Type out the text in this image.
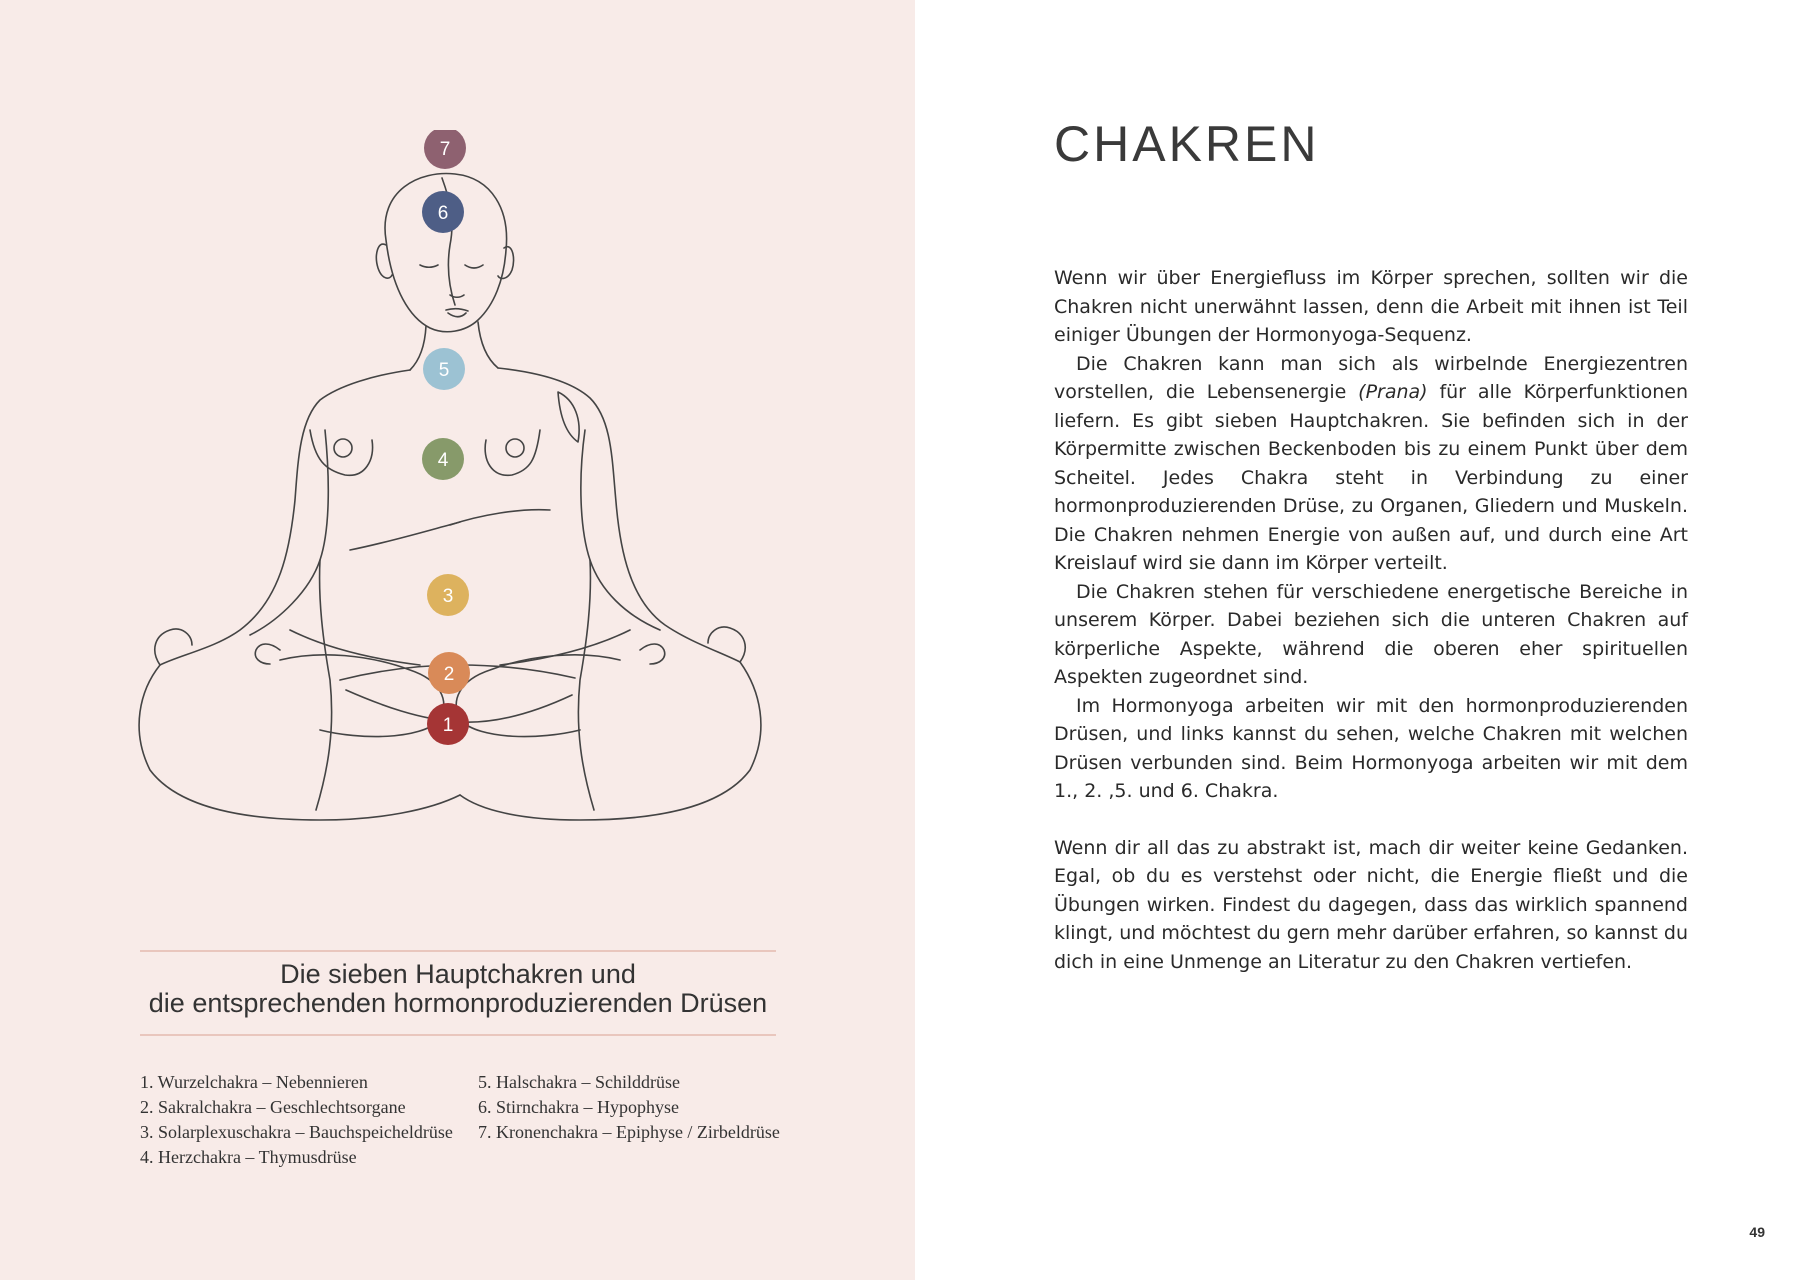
7
6
5
4
3
2
1
Die sieben Hauptchakren und
die entsprechenden hormonproduzierenden Drüsen
1. Wurzelchakra – Nebennieren
2. Sakralchakra – Geschlechtsorgane
3. Solarplexuschakra – Bauchspeicheldrüse
4. Herzchakra – Thymusdrüse
5. Halschakra – Schilddrüse
6. Stirnchakra – Hypophyse
7. Kronenchakra – Epiphyse / Zirbeldrüse
CHAKREN

Wenn wir über Energiefluss im Körper sprechen, sollten wir die Chakren nicht unerwähnt lassen, denn die Arbeit mit ihnen ist Teil einiger Übungen der Hormonyoga-Sequenz.

Die Chakren kann man sich als wirbelnde Energiezentren vorstellen, die Lebensenergie (Prana) für alle Körperfunktionen liefern. Es gibt sieben Hauptchakren. Sie befinden sich in der Körpermitte zwischen Beckenboden bis zu einem Punkt über dem Scheitel. Jedes Chakra steht in Verbindung zu einer hormonproduzierenden Drüse, zu Organen, Gliedern und Muskeln. Die Chakren nehmen Energie von außen auf, und durch eine Art Kreislauf wird sie dann im Körper verteilt.

Die Chakren stehen für verschiedene energetische Bereiche in unserem Körper. Dabei beziehen sich die unteren Chakren auf körperliche Aspekte, während die oberen eher spirituellen Aspekten zugeordnet sind.

Im Hormonyoga arbeiten wir mit den hormonproduzierenden Drüsen, und links kannst du sehen, welche Chakren mit welchen Drüsen verbunden sind. Beim Hormonyoga arbeiten wir mit dem 1., 2. ,5. und 6. Chakra.

Wenn dir all das zu abstrakt ist, mach dir weiter keine Gedanken. Egal, ob du es verstehst oder nicht, die Energie fließt und die Übungen wirken. Findest du dagegen, dass das wirklich spannend klingt, und möchtest du gern mehr darüber erfahren, so kannst du dich in eine Unmenge an Literatur zu den Chakren vertiefen.

49
